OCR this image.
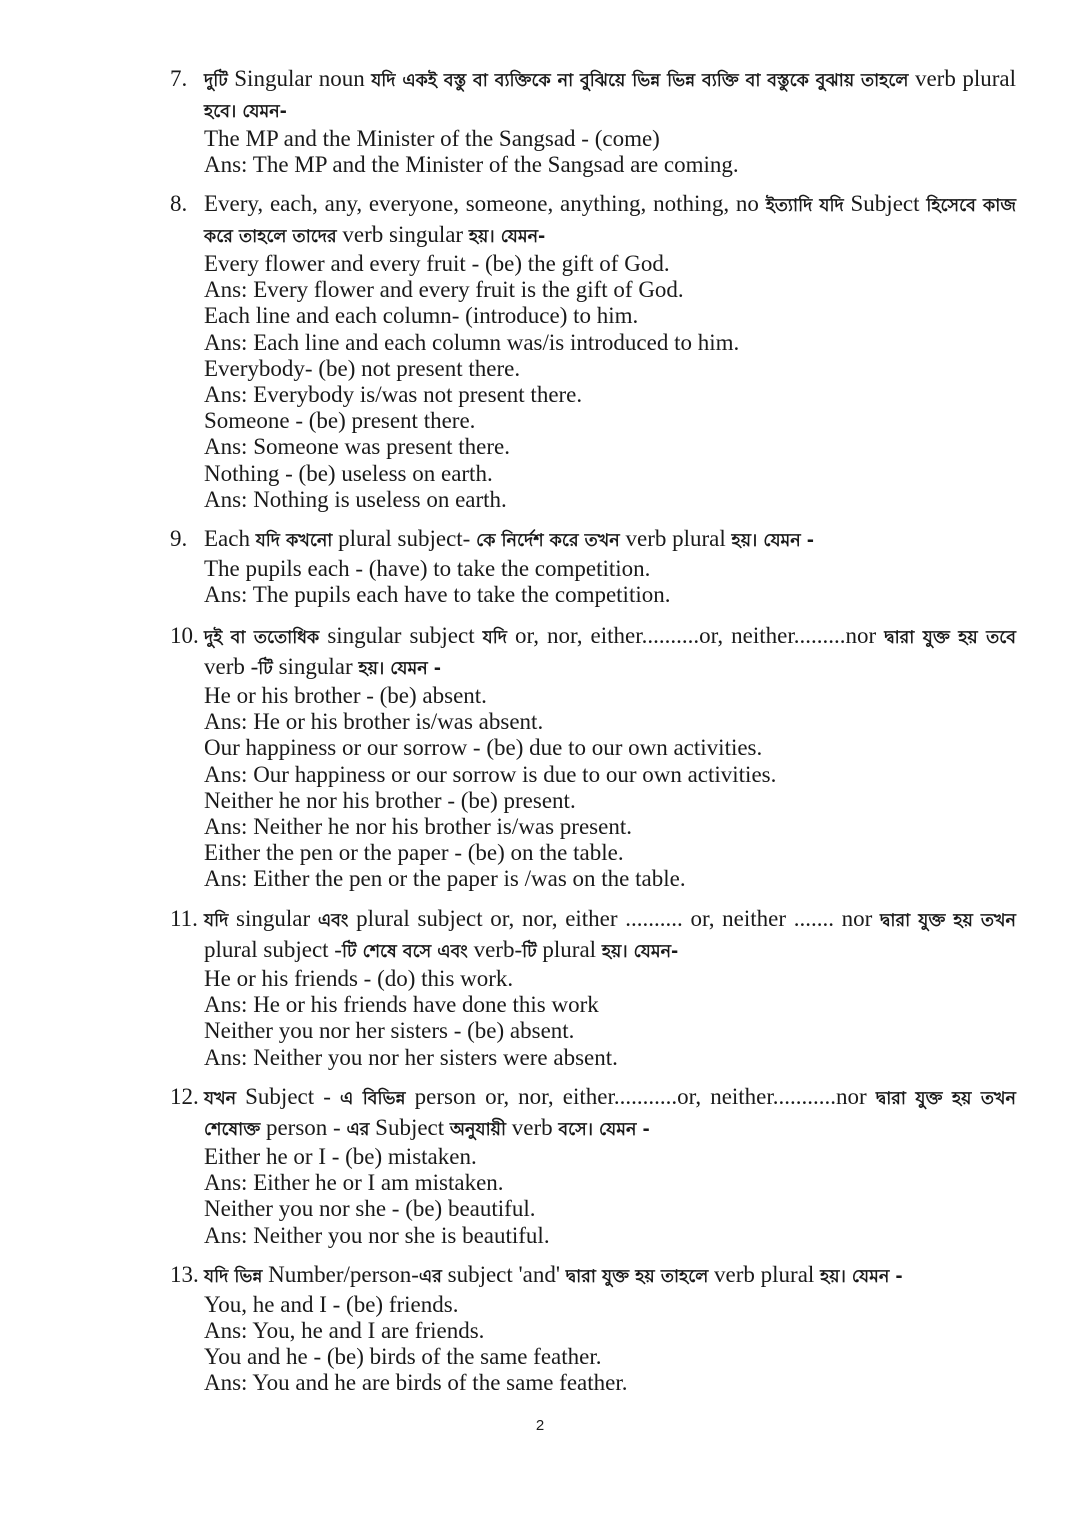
7. দুটি Singular noun যদি একই বস্তু বা ব্যক্তিকে না বুঝিয়ে ভিন্ন ভিন্ন ব্যক্তি বা বস্তুকে বুঝায় তাহলে verb plural হবে। যেমন-
The MP and the Minister of the Sangsad - (come)
Ans: The MP and the Minister of the Sangsad are coming.
8. Every, each, any, everyone, someone, anything, nothing, no ইত্যাদি যদি Subject হিসেবে কাজ করে তাহলে তাদের verb singular হয়। যেমন-
Every flower and every fruit - (be) the gift of God.
Ans: Every flower and every fruit is the gift of God.
Each line and each column- (introduce) to him.
Ans: Each line and each column was/is introduced to him.
Everybody- (be) not present there.
Ans: Everybody is/was not present there.
Someone - (be) present there.
Ans: Someone was present there.
Nothing - (be) useless on earth.
Ans: Nothing is useless on earth.
9. Each যদি কখনো plural subject- কে নির্দেশ করে তখন verb plural হয়। যেমন -
The pupils each - (have) to take the competition.
Ans: The pupils each have to take the competition.
10. দুই বা ততোধিক singular subject যদি or, nor, either..........or, neither.........nor দ্বারা যুক্ত হয় তবে verb -টি singular হয়। যেমন -
He or his brother - (be) absent.
Ans: He or his brother is/was absent.
Our happiness or our sorrow - (be) due to our own activities.
Ans: Our happiness or our sorrow is due to our own activities.
Neither he nor his brother - (be) present.
Ans: Neither he nor his brother is/was present.
Either the pen or the paper - (be) on the table.
Ans: Either the pen or the paper is /was on the table.
11. যদি singular এবং plural subject or, nor, either .......... or, neither ....... nor দ্বারা যুক্ত হয় তখন plural subject -টি শেষে বসে এবং verb-টি plural হয়। যেমন-
He or his friends - (do) this work.
Ans: He or his friends have done this work
Neither you nor her sisters - (be) absent.
Ans: Neither you nor her sisters were absent.
12. যখন Subject - এ বিভিন্ন person or, nor, either...........or, neither...........nor দ্বারা যুক্ত হয় তখন শেষোক্ত person - এর Subject অনুযায়ী verb বসে। যেমন -
Either he or I - (be) mistaken.
Ans: Either he or I am mistaken.
Neither you nor she - (be) beautiful.
Ans: Neither you nor she is beautiful.
13. যদি ভিন্ন Number/person-এর subject 'and' দ্বারা যুক্ত হয় তাহলে verb plural হয়। যেমন -
You, he and I - (be) friends.
Ans: You, he and I are friends.
You and he - (be) birds of the same feather.
Ans: You and he are birds of the same feather.
2
